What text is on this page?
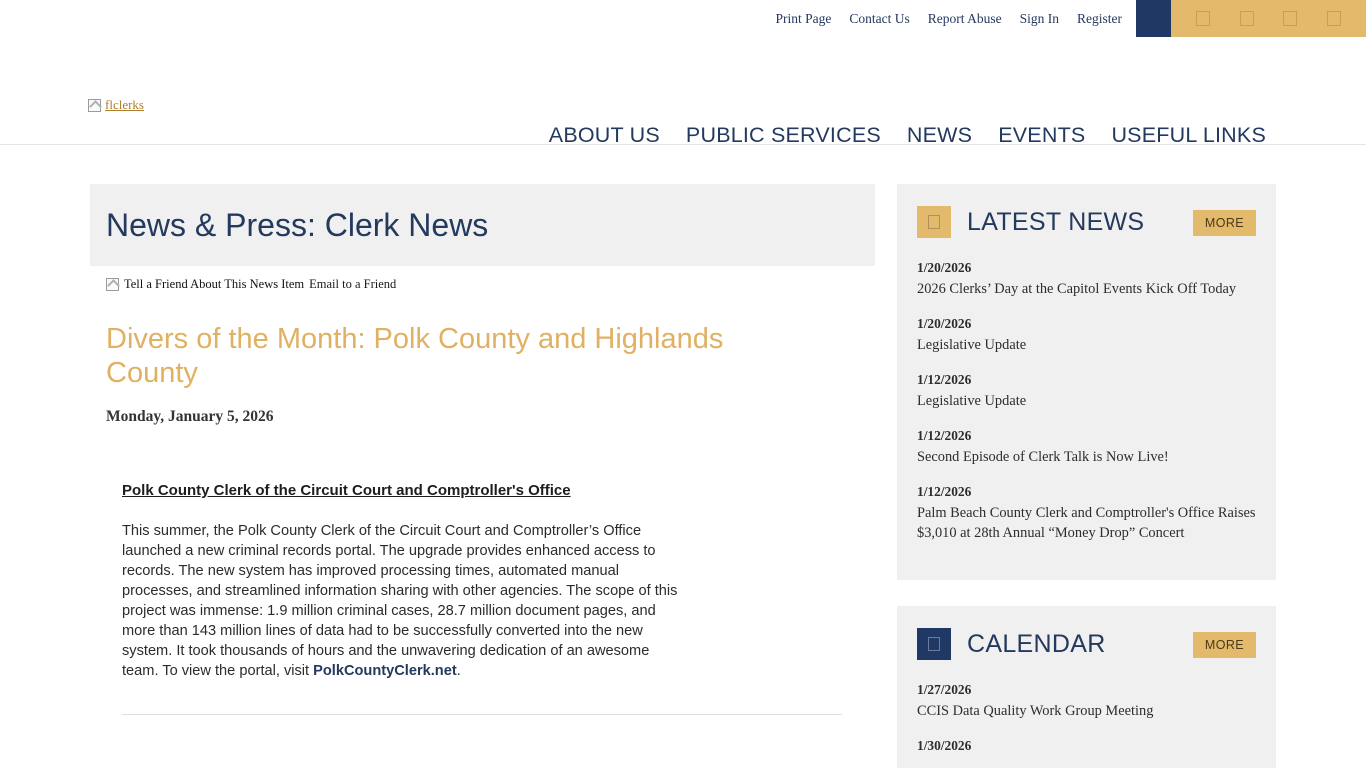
Print Page Contact Us Report Abuse Sign In Register
flclerks
ABOUT US PUBLIC SERVICES NEWS EVENTS USEFUL LINKS
News & Press: Clerk News
Tell a Friend About This News Item Email to a Friend
Divers of the Month: Polk County and Highlands County
Monday, January 5, 2026
Polk County Clerk of the Circuit Court and Comptroller's Office

This summer, the Polk County Clerk of the Circuit Court and Comptroller’s Office launched a new criminal records portal. The upgrade provides enhanced access to records. The new system has improved processing times, automated manual processes, and streamlined information sharing with other agencies. The scope of this project was immense: 1.9 million criminal cases, 28.7 million document pages, and more than 143 million lines of data had to be successfully converted into the new system. It took thousands of hours and the unwavering dedication of an awesome team. To view the portal, visit PolkCountyClerk.net.

LATEST NEWS	MORE
1/20/2026
2026 Clerks’ Day at the Capitol Events Kick Off Today
1/20/2026
Legislative Update
1/12/2026
Legislative Update
1/12/2026
Second Episode of Clerk Talk is Now Live!
1/12/2026
Palm Beach County Clerk and Comptroller's Office Raises $3,010 at 28th Annual “Money Drop” Concert
CALENDAR	MORE
1/27/2026
CCIS Data Quality Work Group Meeting
1/30/2026
